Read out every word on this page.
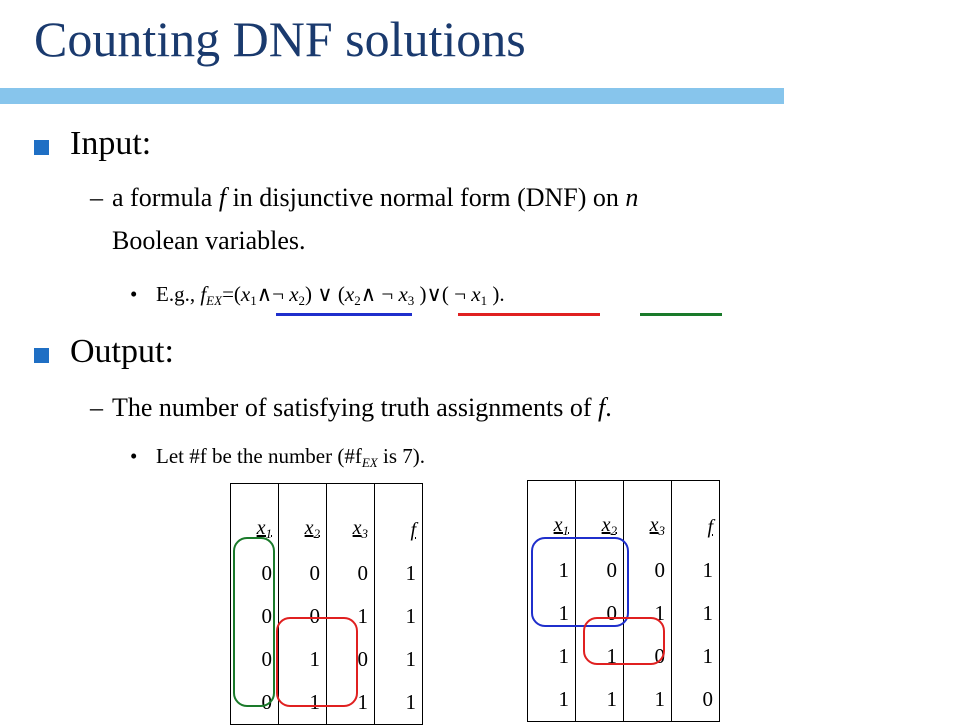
Counting DNF solutions
Input:
– a formula f in disjunctive normal form (DNF) on n
Boolean variables.
• E.g., $f_{EX}=(x_1\wedge\neg$ $x_2$) ∨ ($x_2\wedge$ ¬ $x_3$ )∨( ¬ $x_1$ ).
Output:
– The number of satisfying truth assignments of f.
• Let #f be the number ($\#f_{EX}$ is 7).
$x_1$	$x_2$	$x_3$	f
0	0	0	1
0	0	1	1
0	1	0	1
0	1	1	1
$x_1$	$x_2$	$x_3$	f
1	0	0	1
1	0	1	1
1	1	0	1
1	1	1	0
